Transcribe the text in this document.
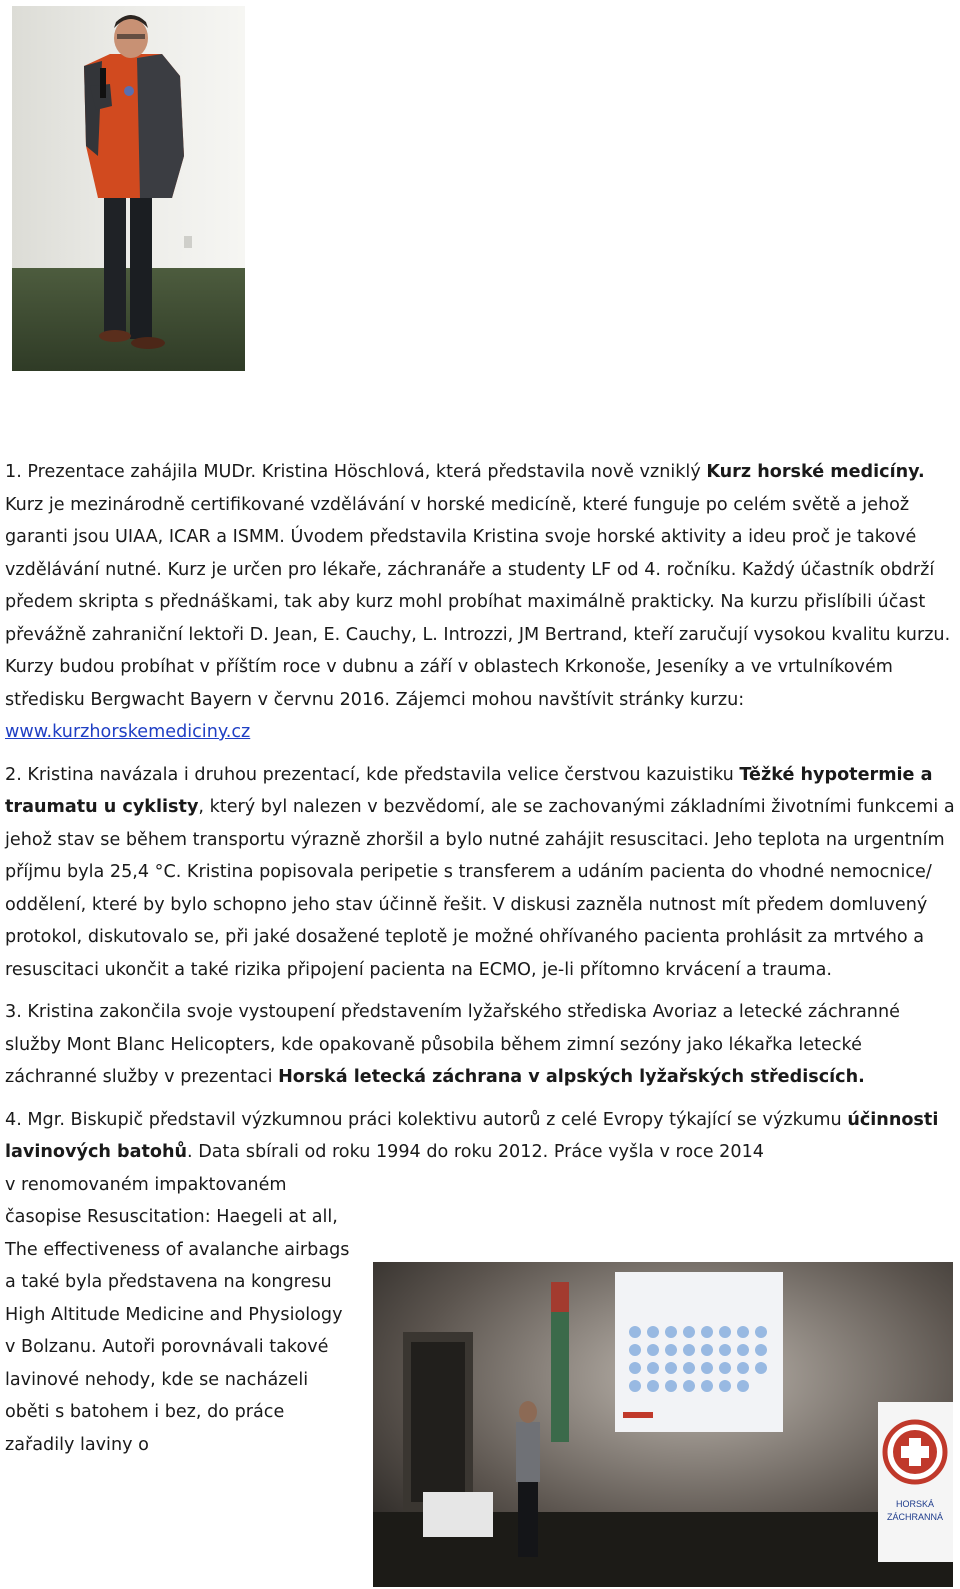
1. Prezentace zahájila MUDr. Kristina Höschlová, která představila nově vzniklý Kurz horské medicíny. Kurz je mezinárodně certifikované vzdělávání v horské medicíně, které funguje po celém světě a jehož garanti jsou UIAA, ICAR a ISMM. Úvodem představila Kristina svoje horské aktivity a ideu proč je takové vzdělávání nutné. Kurz je určen pro lékaře, záchranáře a studenty LF od 4. ročníku. Každý účastník obdrží předem skripta s přednáškami, tak aby kurz mohl probíhat maximálně prakticky. Na kurzu přislíbili účast převážně zahraniční lektoři D. Jean, E. Cauchy, L. Introzzi, JM Bertrand, kteří zaručují vysokou kvalitu kurzu. Kurzy budou probíhat v příštím roce v dubnu a září v oblastech Krkonoše, Jeseníky a ve vrtulníkovém středisku Bergwacht Bayern v červnu 2016. Zájemci mohou navštívit stránky kurzu: www.kurzhorskemediciny.cz

2. Kristina navázala i druhou prezentací, kde představila velice čerstvou kazuistiku Těžké hypotermie a traumatu u cyklisty, který byl nalezen v bezvědomí, ale se zachovanými základními životními funkcemi a jehož stav se během transportu výrazně zhoršil a bylo nutné zahájit resuscitaci. Jeho teplota na urgentním příjmu byla 25,4 °C. Kristina popisovala peripetie s transferem a udáním pacienta do vhodné nemocnice/ oddělení, které by bylo schopno jeho stav účinně řešit. V diskusi zazněla nutnost mít předem domluvený protokol, diskutovalo se, při jaké dosažené teplotě je možné ohřívaného pacienta prohlásit za mrtvého a resuscitaci ukončit a také rizika připojení pacienta na ECMO, je-li přítomno krvácení a trauma.

3. Kristina zakončila svoje vystoupení představením lyžařského střediska Avoriaz a letecké záchranné služby Mont Blanc Helicopters, kde opakovaně působila během zimní sezóny jako lékařka letecké záchranné služby v prezentaci Horská letecká záchrana v alpských lyžařských střediscích.

4. Mgr. Biskupič představil výzkumnou práci kolektivu autorů z celé Evropy týkající se výzkumu účinnosti lavinových batohů. Data sbírali od roku 1994 do roku 2012. Práce vyšla v roce 2014

v renomovaném impaktovaném časopise Resuscitation: Haegeli at all, The effectiveness of avalanche airbags a také byla představena na kongresu High Altitude Medicine and Physiology v Bolzanu. Autoři porovnávali takové lavinové nehody, kde se nacházeli oběti s batohem i bez, do práce zařadily laviny o

HORSKÁ
ZÁCHRANNÁ
